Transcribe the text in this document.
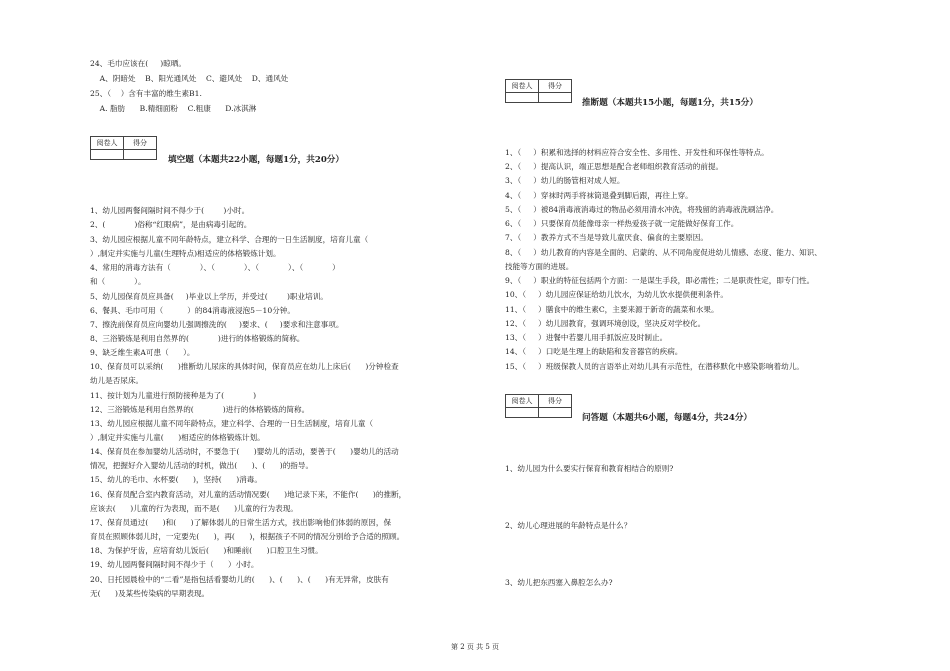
24、毛巾应该在(     )晾晒。
A、阴暗处    B、阳光通风处    C、避风处    D、通风处
25、（    ）含有丰富的维生素B1.
A. 脂肪      B.精细面粉    C.粗康      D.冰淇淋
阅卷人	得分
填空题（本题共22小题，每题1分，共20分）
1、幼儿园两餐间隔时间不得少于(        )小时。
2、(            )俗称“红眼病”，是由病毒引起的。
3、幼儿园应根据儿童不同年龄特点，建立科学、合理的一日生活制度，培育儿童（
）,制定并实施与儿童(生理特点)相适应的体格锻炼计划。
4、常用的消毒方法有（            ）、（            ）、（            ）、（            ）
和（            ）。
5、幼儿园保育员应具备(     )毕业以上学历，并受过(        )职业培训。
6、餐具、毛巾可用（          ）的84消毒液浸泡5－10分钟。
7、擦洗前保育员应向婴幼儿强调擦洗的(     )要求、(     )要求和注意事项。
8、三浴锻炼是利用自然界的(            )进行的体格锻炼的简称。
9、缺乏维生素A可患（      ）。
10、保育员可以采纳(      )推断幼儿尿床的具体时间，保育员应在幼儿上床后(      )分钟检查
幼儿是否尿床。
11、按计划为儿童进行预防接种是为了(            )
12、三浴锻炼是利用自然界的(            )进行的体格锻炼的简称。
13、幼儿园应根据儿童不同年龄特点，建立科学、合理的一日生活制度，培育儿童（
）,制定并实施与儿童(      )相适应的体格锻炼计划。
14、保育员在参加婴幼儿活动时，不要急于(      )婴幼儿的活动，要善于(      )婴幼儿的活动
情况，把握好介入婴幼儿活动的时机，做出(      )、(      )的指导。
15、幼儿的毛巾、水杯要(      )，坚持(      )消毒。
16、保育员配合室内教育活动，对儿童的活动情况要(      )地记录下来，不能作(      )的推断，
应该去(      )儿童的行为表现，而不是(      )儿童的行为表现。
17、保育员通过(      )和(      )了解体弱儿的日常生活方式，找出影响他们体弱的原因，保
育员在照顾体弱儿时，一定要先(      )，再(      )，根据孩子不同的情况分别给予合适的照顾。
18、为保护牙齿，应培育幼儿饭后(      )和睡前(      )口腔卫生习惯。
19、幼儿园两餐间隔时间不得少于（      ）小时。
20、日托园晨检中的“二看”是指包括看婴幼儿的(      )、(      )、(      )有无异常，皮肤有
无(      )及某些传染病的早期表现。
阅卷人	得分
推断题（本题共15小题，每题1分，共15分）
1、（     ）积累和选择的材料应符合安全性、多用性、开发性和环保性等特点。
2、（     ）提高认识，端正思想是配合老师组织教育活动的前提。
3、（     ）幼儿的肠管相对成人短。
4、（     ）穿袜时两手将袜筒退叠到脚后跟，再往上穿。
5、（     ）被84消毒液消毒过的物品必须用清水冲洗，将残留的消毒液洗刷洁净。
6、（     ）只要保育员能像母亲一样热爱孩子就一定能做好保育工作。
7、（     ）教养方式不当是导致儿童厌食、偏食的主要原因。
8、（     ）幼儿教育的内容是全面的、启蒙的、从不同角度促进幼儿情感、态度、能力、知识、
技能等方面的进展。
9、（     ）职业的特征包括两个方面：一是谋生手段，即必需性；二是职责性定，即专门性。
10、（     ）幼儿园应保证给幼儿饮水，为幼儿饮水提供便利条件。
11、（     ）膳食中的维生素C，主要来源于新奇的蔬菜和水果。
12、（     ）幼儿园教育，强调环境创设，坚决反对学校化。
13、（     ）进餐中若婴儿用手抓饭应及时制止。
14、（     ）口吃是生理上的缺陷和发音器官的疾病。
15、（     ）班级保教人员的言语举止对幼儿具有示范性，在潜移默化中感染影响着幼儿。
阅卷人	得分
问答题（本题共6小题，每题4分，共24分）
1、幼儿园为什么要实行保育和教育相结合的原则?
2、幼儿心理进展的年龄特点是什么？
3、幼儿把东西塞入鼻腔怎么办?
第 2 页 共 5 页
